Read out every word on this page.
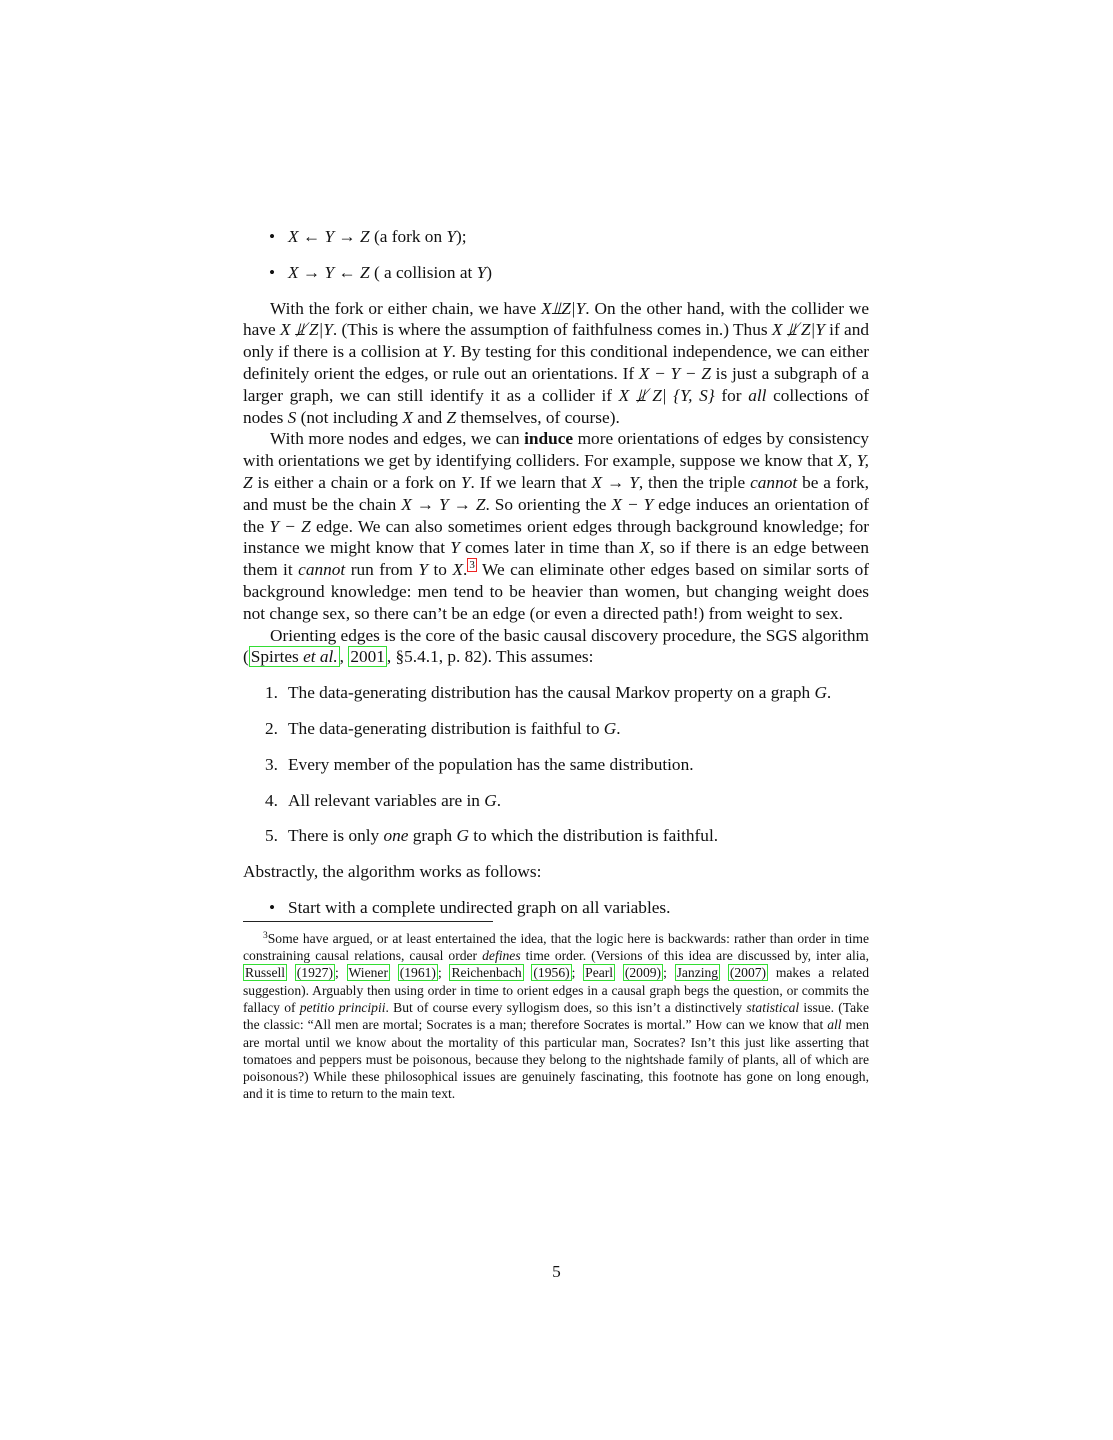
• X ← Y → Z (a fork on Y);
• X → Y ← Z ( a collision at Y)

With the fork or either chain, we have X⫫Z|Y. On the other hand, with the collider we have X ⫫̸ Z|Y. (This is where the assumption of faithfulness comes in.) Thus X ⫫̸ Z|Y if and only if there is a collision at Y. By testing for this conditional independence, we can either definitely orient the edges, or rule out an orientations. If X − Y − Z is just a subgraph of a larger graph, we can still identify it as a collider if X ⫫̸ Z| {Y, S} for all collections of nodes S (not including X and Z themselves, of course).

With more nodes and edges, we can induce more orientations of edges by consistency with orientations we get by identifying colliders. For example, suppose we know that X, Y, Z is either a chain or a fork on Y. If we learn that X → Y, then the triple cannot be a fork, and must be the chain X → Y → Z. So orienting the X − Y edge induces an orientation of the Y − Z edge. We can also sometimes orient edges through background knowledge; for instance we might know that Y comes later in time than X, so if there is an edge between them it cannot run from Y to X. $^3$ We can eliminate other edges based on similar sorts of background knowledge: men tend to be heavier than women, but changing weight does not change sex, so there can’t be an edge (or even a directed path!) from weight to sex.

Orienting edges is the core of the basic causal discovery procedure, the SGS algorithm ( Spirtes et al. , 2001 , §5.4.1, p. 82). This assumes:

1. The data-generating distribution has the causal Markov property on a graph G.
2. The data-generating distribution is faithful to G.
3. Every member of the population has the same distribution.
4. All relevant variables are in G.
5. There is only one graph G to which the distribution is faithful.

Abstractly, the algorithm works as follows:

• Start with a complete undirected graph on all variables.
$^3$Some have argued, or at least entertained the idea, that the logic here is backwards: rather than order in time constraining causal relations, causal order defines time order. (Versions of this idea are discussed by, inter alia, Russell (1927) ; Wiener (1961) ; Reichenbach (1956) ; Pearl (2009) ; Janzing (2007) makes a related suggestion). Arguably then using order in time to orient edges in a causal graph begs the question, or commits the fallacy of petitio principii. But of course every syllogism does, so this isn’t a distinctively statistical issue. (Take the classic: “All men are mortal; Socrates is a man; therefore Socrates is mortal.” How can we know that all men are mortal until we know about the mortality of this particular man, Socrates? Isn’t this just like asserting that tomatoes and peppers must be poisonous, because they belong to the nightshade family of plants, all of which are poisonous?) While these philosophical issues are genuinely fascinating, this footnote has gone on long enough, and it is time to return to the main text.
5
